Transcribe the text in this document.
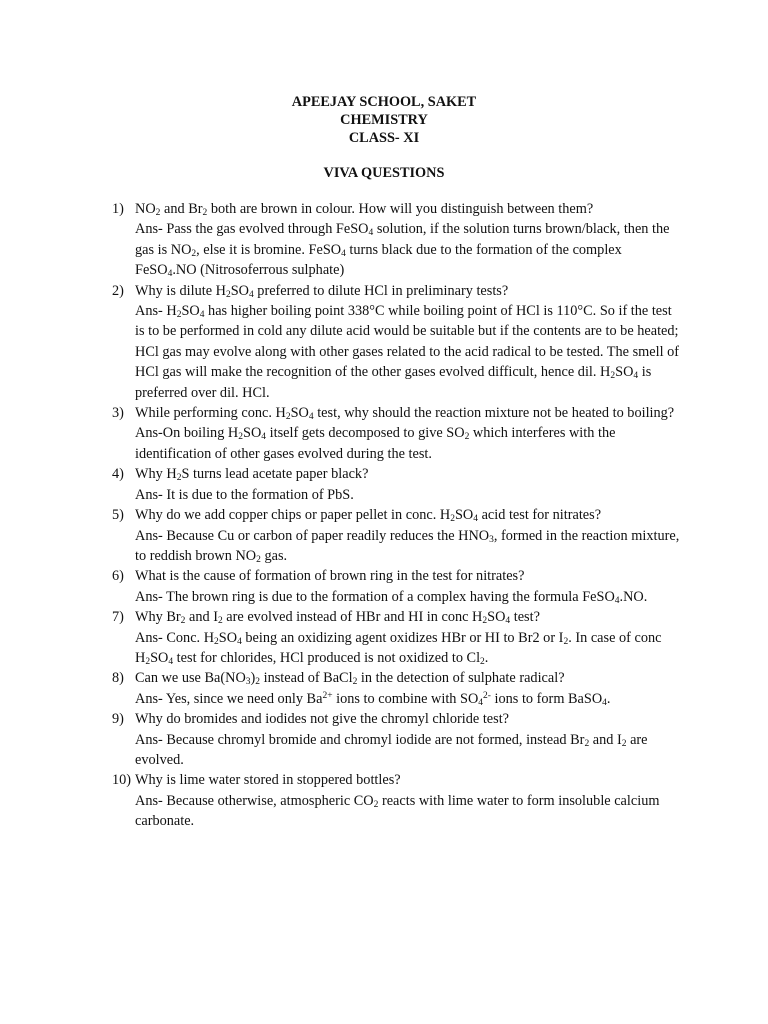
APEEJAY SCHOOL, SAKET
CHEMISTRY
CLASS- XI
VIVA QUESTIONS
1) $NO_2$ and $Br_2$ both are brown in colour. How will you distinguish between them?
Ans- Pass the gas evolved through FeSO$_4$ solution, if the solution turns brown/black, then the gas is $NO_2$, else it is bromine. FeSO$_4$ turns black due to the formation of the complex FeSO$_4$.NO (Nitrosoferrous sulphate)
2) Why is dilute $H_2SO_4$ preferred to dilute HCl in preliminary tests?
Ans- $H_2SO_4$ has higher boiling point 338°C while boiling point of HCl is 110°C. So if the test is to be performed in cold any dilute acid would be suitable but if the contents are to be heated; HCl gas may evolve along with other gases related to the acid radical to be tested. The smell of HCl gas will make the recognition of the other gases evolved difficult, hence dil. $H_2SO_4$ is preferred over dil. HCl.
3) While performing conc. $H_2SO_4$ test, why should the reaction mixture not be heated to boiling?
Ans-On boiling $H_2SO_4$ itself gets decomposed to give $SO_2$ which interferes with the identification of other gases evolved during the test.
4) Why $H_2S$ turns lead acetate paper black?
Ans- It is due to the formation of PbS.
5) Why do we add copper chips or paper pellet in conc. $H_2SO_4$ acid test for nitrates?
Ans- Because Cu or carbon of paper readily reduces the $HNO_3$, formed in the reaction mixture, to reddish brown $NO_2$ gas.
6) What is the cause of formation of brown ring in the test for nitrates?
Ans- The brown ring is due to the formation of a complex having the formula FeSO$_4$.NO.
7) Why $Br_2$ and $I_2$ are evolved instead of HBr and HI in conc $H_2SO_4$ test?
Ans- Conc. $H_2SO_4$ being an oxidizing agent oxidizes HBr or HI to Br2 or $I_2$. In case of conc $H_2SO_4$ test for chlorides, HCl produced is not oxidized to $Cl_2$.
8) Can we use $Ba(NO_3)_2$ instead of BaCl$_2$ in the detection of sulphate radical?
Ans- Yes, since we need only $Ba^{2+}$ ions to combine with $SO_4^{2-}$ ions to form BaSO$_4$.
9) Why do bromides and iodides not give the chromyl chloride test?
Ans- Because chromyl bromide and chromyl iodide are not formed, instead $Br_2$ and $I_2$ are evolved.
10) Why is lime water stored in stoppered bottles?
Ans- Because otherwise, atmospheric $CO_2$ reacts with lime water to form insoluble calcium carbonate.
